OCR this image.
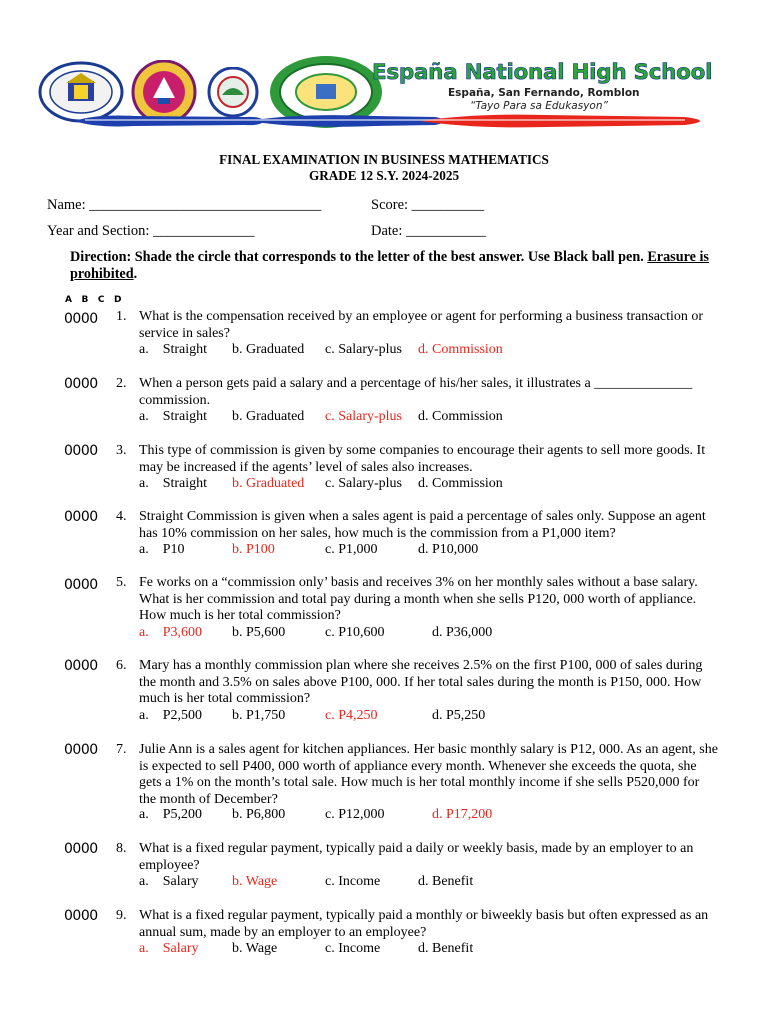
España National High School
España, San Fernando, Romblon
“Tayo Para sa Edukasyon”
FINAL EXAMINATION IN BUSINESS MATHEMATICS
GRADE 12 S.Y. 2024-2025
Name: ________________________________	Score: __________
Year and Section: ______________	Date: ___________
Direction: Shade the circle that corresponds to the letter of the best answer. Use Black ball pen. Erasure is prohibited.
A B C D
0000 1. What is the compensation received by an employee or agent for performing a business transaction or service in sales?
a.    Straight b. Graduated c. Salary-plus d. Commission
0000 2. When a person gets paid a salary and a percentage of his/her sales, it illustrates a ______________ commission.
a.    Straight b. Graduated c. Salary-plus d. Commission
0000 3. This type of commission is given by some companies to encourage their agents to sell more goods. It may be increased if the agents’ level of sales also increases.
a.    Straight b. Graduated c. Salary-plus d. Commission
0000 4. Straight Commission is given when a sales agent is paid a percentage of sales only. Suppose an agent has 10% commission on her sales, how much is the commission from a P1,000 item?
a.    P10	b. P100	c. P1,000	d. P10,000
0000 5. Fe works on a “commission only’ basis and receives 3% on her monthly sales without a base salary. What is her commission and total pay during a month when she sells P120, 000 worth of appliance. How much is her total commission?
a.    P3,600 b. P5,600	c. P10,600	d. P36,000
0000 6. Mary has a monthly commission plan where she receives 2.5% on the first P100, 000 of sales during the month and 3.5% on sales above P100, 000. If her total sales during the month is P150, 000. How much is her total commission?
a.    P2,500 b. P1,750	c. P4,250	d. P5,250
0000 7. Julie Ann is a sales agent for kitchen appliances. Her basic monthly salary is P12, 000. As an agent, she is expected to sell P400, 000 worth of appliance every month. Whenever she exceeds the quota, she gets a 1% on the month’s total sale. How much is her total monthly income if she sells P520,000 for the month of December?
a.    P5,200 b. P6,800	c. P12,000	d. P17,200
0000 8. What is a fixed regular payment, typically paid a daily or weekly basis, made by an employer to an employee?
a.    Salary b. Wage	c. Income	d. Benefit
0000 9. What is a fixed regular payment, typically paid a monthly or biweekly basis but often expressed as an annual sum, made by an employer to an employee?
a.    Salary b. Wage	c. Income	d. Benefit
